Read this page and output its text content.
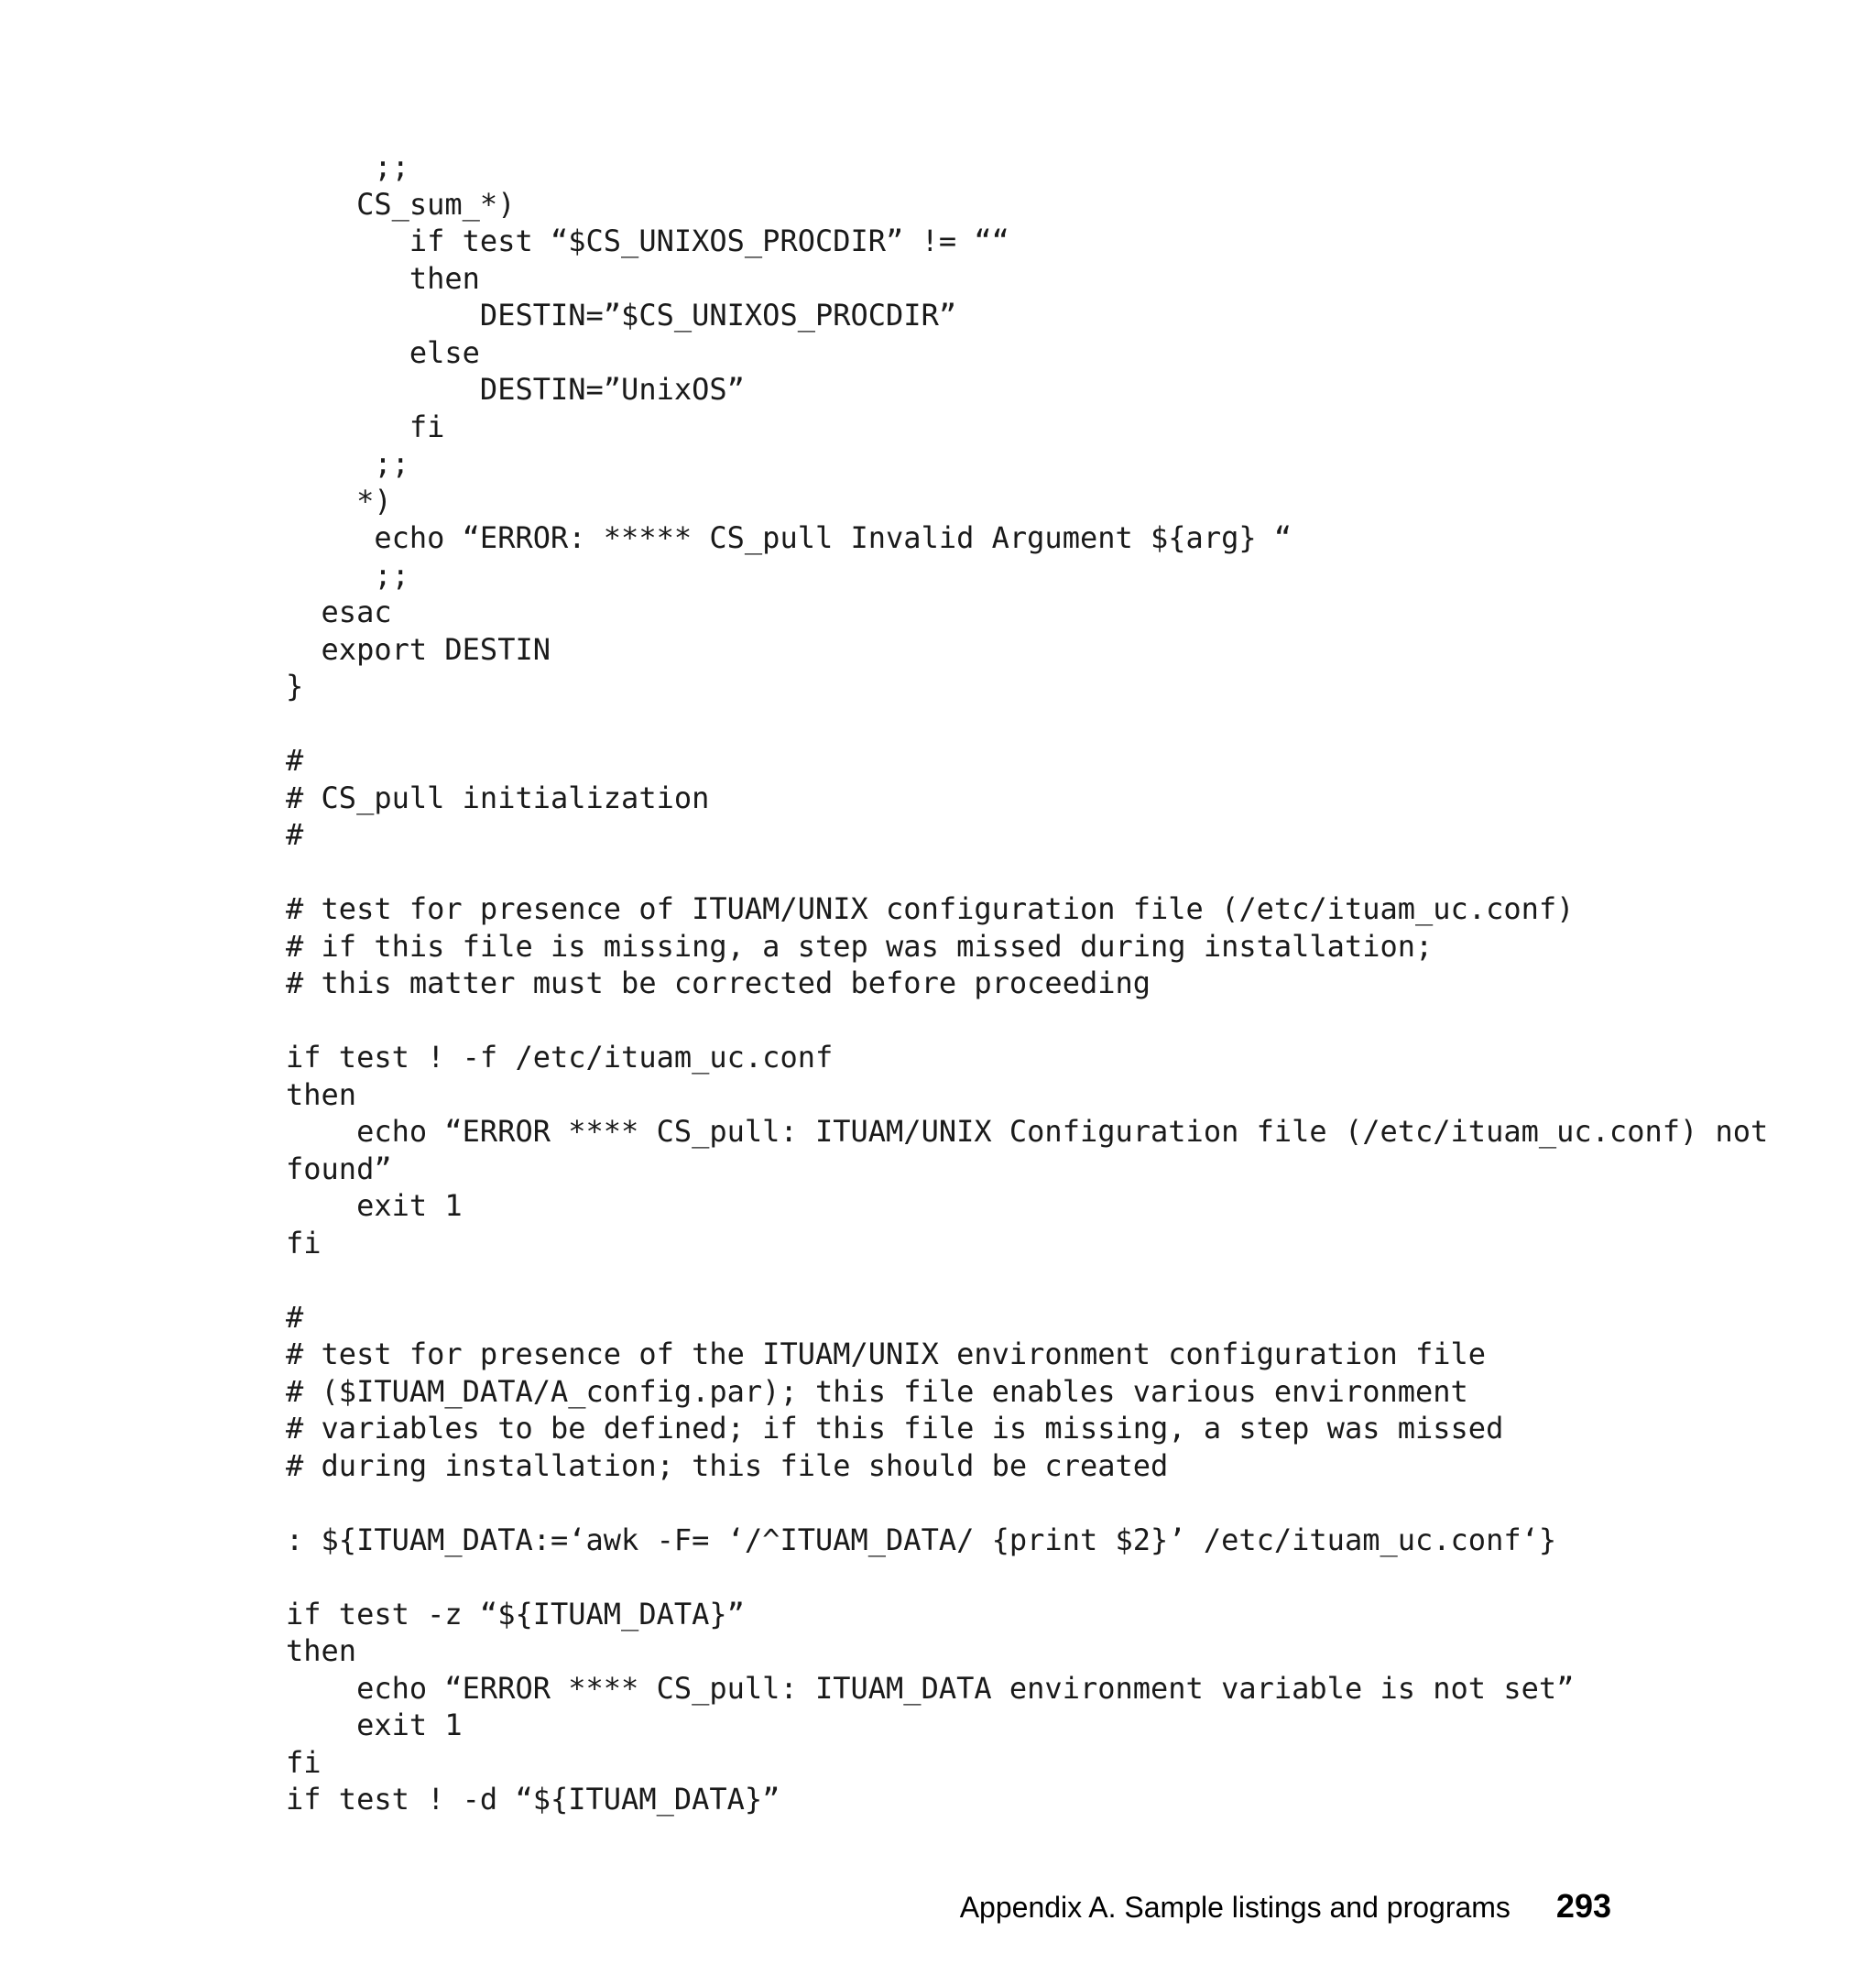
;;
CS_sum_*)
if test “$CS_UNIXOS_PROCDIR” != ““
then
DESTIN=”$CS_UNIXOS_PROCDIR”
else
DESTIN=”UnixOS”
fi
;;
*)
echo “ERROR: ***** CS_pull Invalid Argument ${arg} “
;;
esac
export DESTIN
}
#
# CS_pull initialization
#
# test for presence of ITUAM/UNIX configuration file (/etc/ituam_uc.conf)
# if this file is missing, a step was missed during installation;
# this matter must be corrected before proceeding
if test ! -f /etc/ituam_uc.conf
then
echo “ERROR **** CS_pull: ITUAM/UNIX Configuration file (/etc/ituam_uc.conf) not
found”
exit 1
fi
#
# test for presence of the ITUAM/UNIX environment configuration file
# ($ITUAM_DATA/A_config.par); this file enables various environment
# variables to be defined; if this file is missing, a step was missed
# during installation; this file should be created
: ${ITUAM_DATA:=‘awk -F= ‘/^ITUAM_DATA/ {print $2}’ /etc/ituam_uc.conf‘}
if test -z “${ITUAM_DATA}”
then
echo “ERROR **** CS_pull: ITUAM_DATA environment variable is not set”
exit 1
fi
if test ! -d “${ITUAM_DATA}”
Appendix A. Sample listings and programs 293
